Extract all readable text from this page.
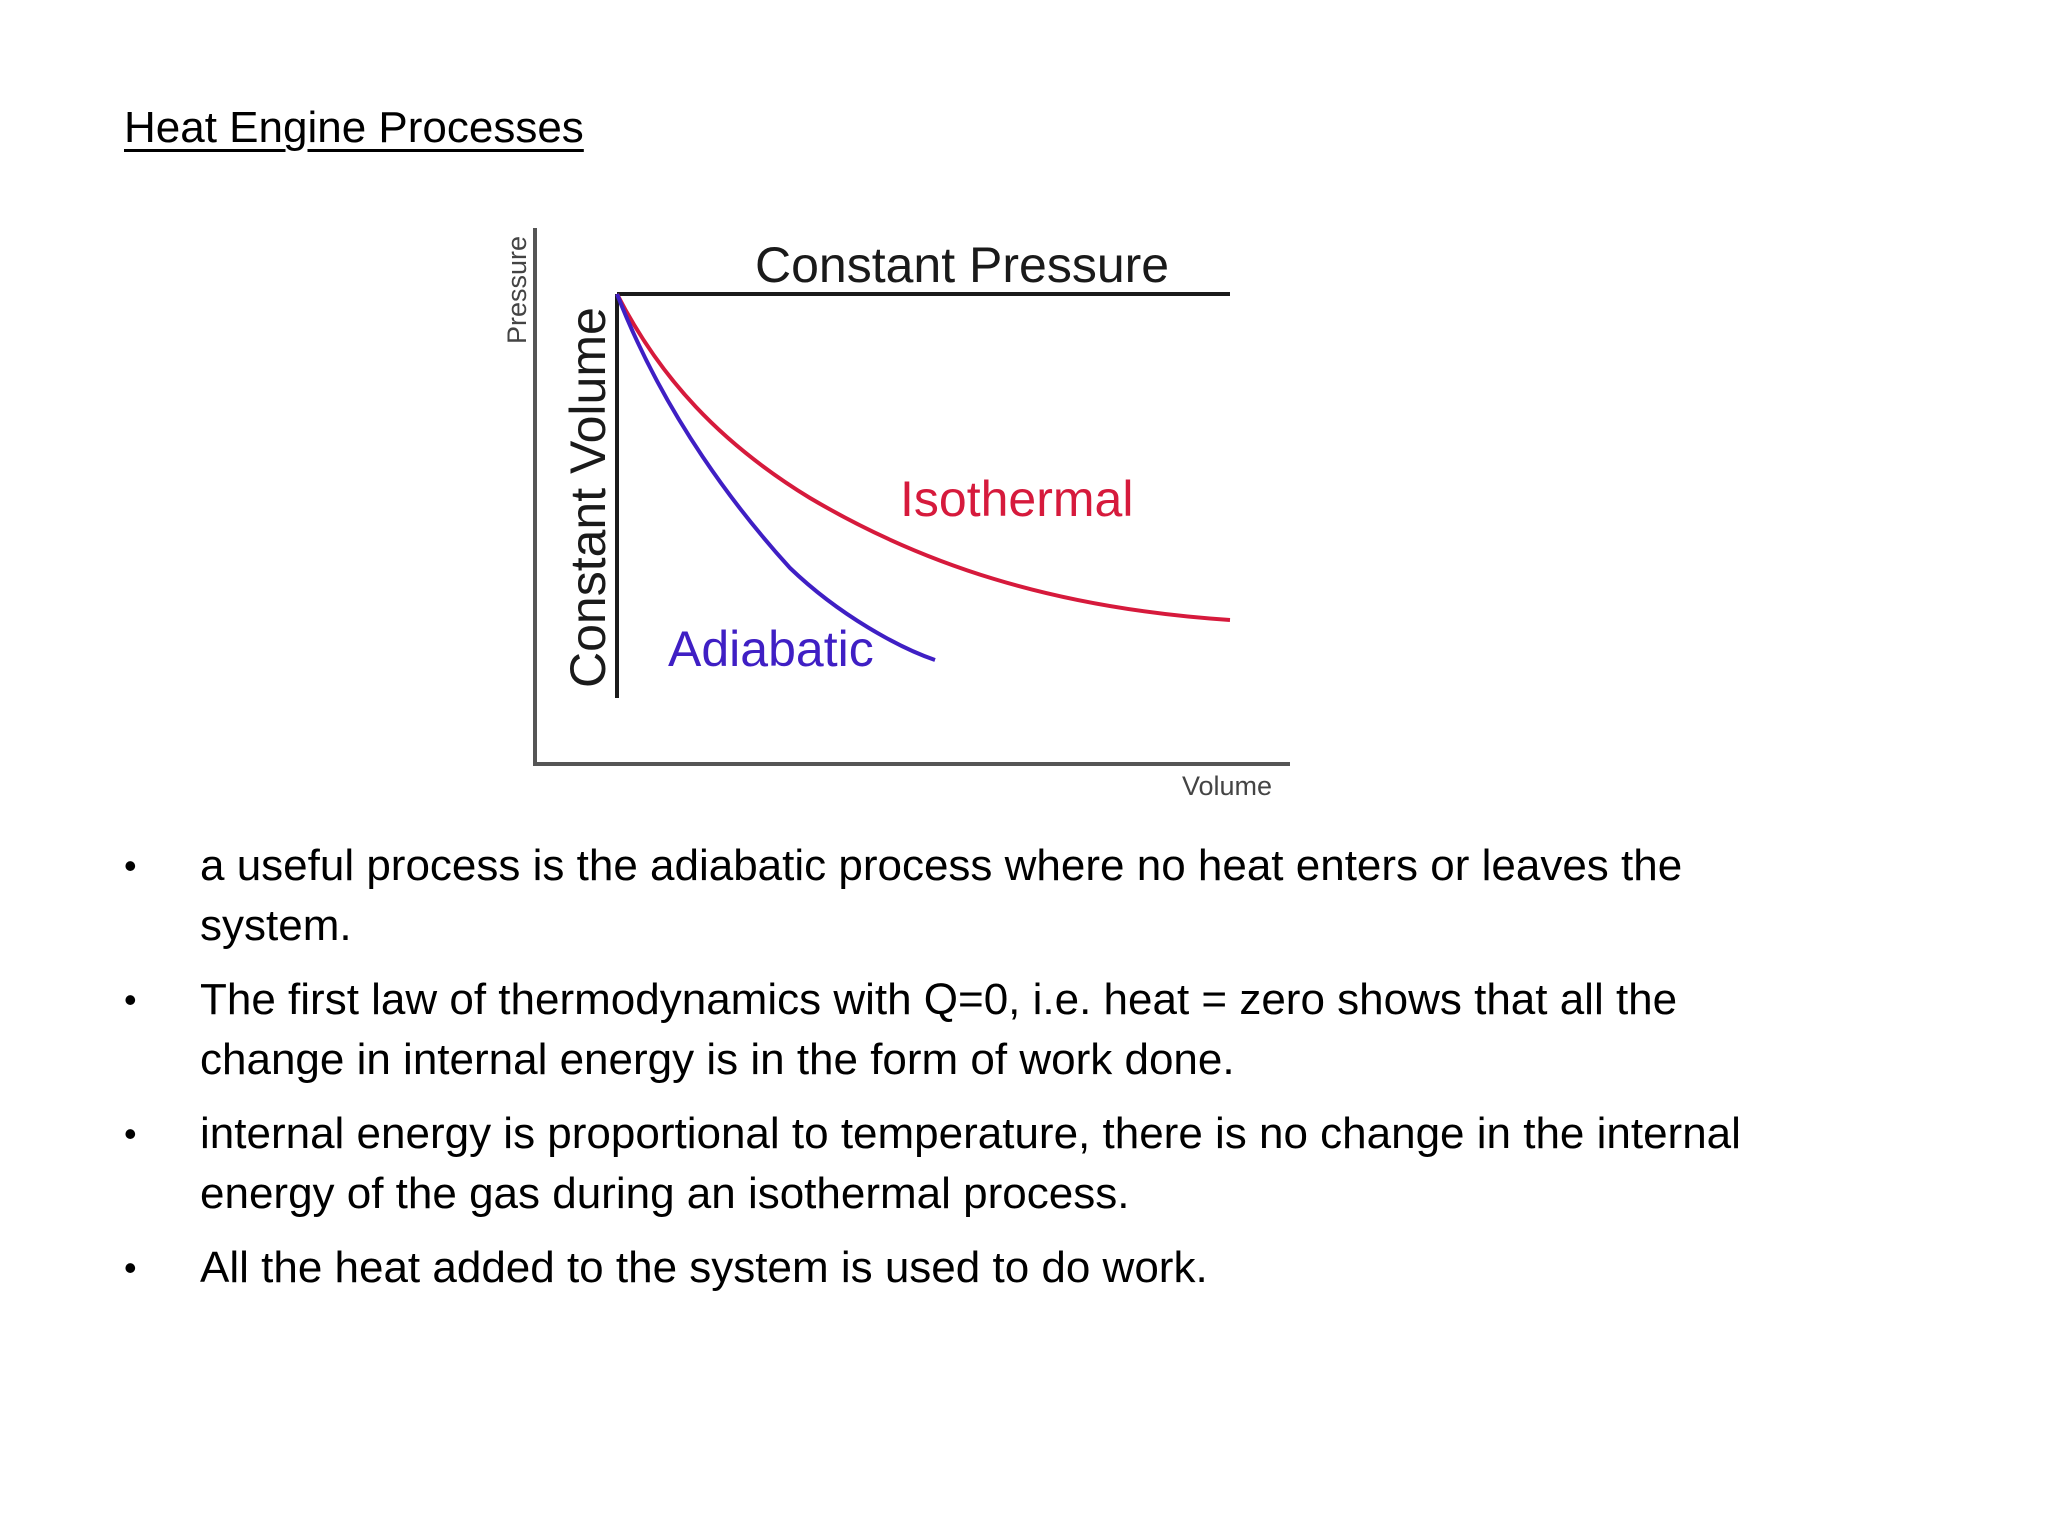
Heat Engine Processes
Pressure
Volume
Constant Pressure
Constant Volume	Isothermal
Adiabatic
•	a useful process is the adiabatic process where no heat enters or leaves the system.
•	The first law of thermodynamics with Q=0, i.e. heat = zero shows that all the change in internal energy is in the form of work done.
•	internal energy is proportional to temperature, there is no change in the internal energy of the gas during an isothermal process.
•	All the heat added to the system is used to do work.
